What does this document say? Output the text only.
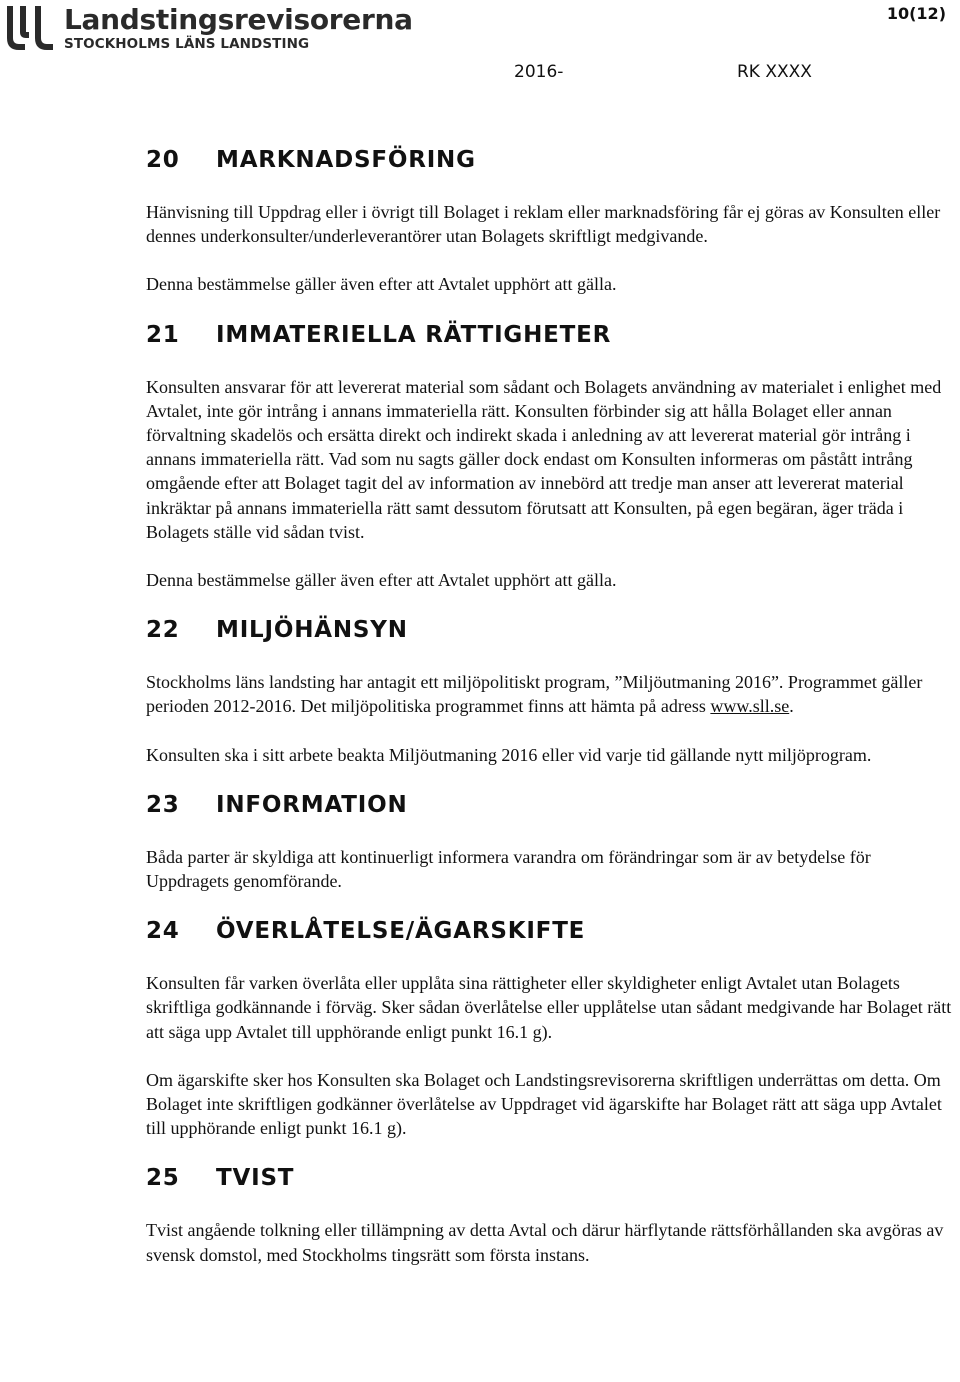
Landstingsrevisorerna
STOCKHOLMS LÄNS LANDSTING
10(12)
2016-	RK XXXX
20 MARKNADSFÖRING

Hänvisning till Uppdrag eller i övrigt till Bolaget i reklam eller marknadsföring får ej göras av Konsulten eller dennes underkonsulter/underleverantörer utan Bolagets skriftligt medgivande.

Denna bestämmelse gäller även efter att Avtalet upphört att gälla.

21 IMMATERIELLA RÄTTIGHETER

Konsulten ansvarar för att levererat material som sådant och Bolagets användning av materialet i enlighet med Avtalet, inte gör intrång i annans immateriella rätt. Konsulten förbinder sig att hålla Bolaget eller annan förvaltning skadelös och ersätta direkt och indirekt skada i anledning av att levererat material gör intrång i annans immateriella rätt. Vad som nu sagts gäller dock endast om Konsulten informeras om påstått intrång omgående efter att Bolaget tagit del av information av innebörd att tredje man anser att levererat material inkräktar på annans immateriella rätt samt dessutom förutsatt att Konsulten, på egen begäran, äger träda i Bolagets ställe vid sådan tvist.

Denna bestämmelse gäller även efter att Avtalet upphört att gälla.

22 MILJÖHÄNSYN

Stockholms läns landsting har antagit ett miljöpolitiskt program, ”Miljöutmaning 2016”. Programmet gäller perioden 2012-2016. Det miljöpolitiska programmet finns att hämta på adress www.sll.se.

Konsulten ska i sitt arbete beakta Miljöutmaning 2016 eller vid varje tid gällande nytt miljöprogram.

23 INFORMATION

Båda parter är skyldiga att kontinuerligt informera varandra om förändringar som är av betydelse för Uppdragets genomförande.

24 ÖVERLÅTELSE/ÄGARSKIFTE

Konsulten får varken överlåta eller upplåta sina rättigheter eller skyldigheter enligt Avtalet utan Bolagets skriftliga godkännande i förväg. Sker sådan överlåtelse eller upplåtelse utan sådant medgivande har Bolaget rätt att säga upp Avtalet till upphörande enligt punkt 16.1 g).

Om ägarskifte sker hos Konsulten ska Bolaget och Landstingsrevisorerna skriftligen underrättas om detta. Om Bolaget inte skriftligen godkänner överlåtelse av Uppdraget vid ägarskifte har Bolaget rätt att säga upp Avtalet till upphörande enligt punkt 16.1 g).

25 TVIST

Tvist angående tolkning eller tillämpning av detta Avtal och därur härflytande rättsförhållanden ska avgöras av svensk domstol, med Stockholms tingsrätt som första instans.
